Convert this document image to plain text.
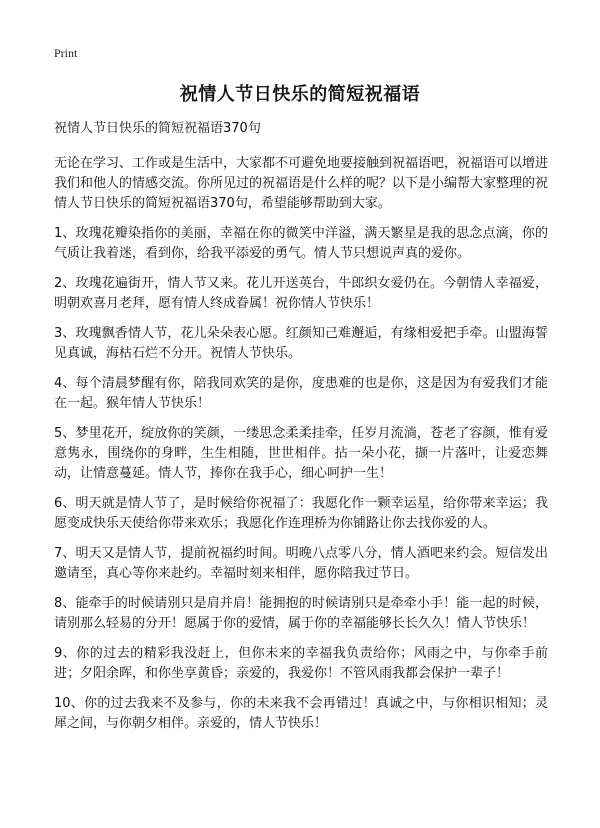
Print
祝情人节日快乐的简短祝福语

祝情人节日快乐的简短祝福语370句

无论在学习、工作或是生活中，大家都不可避免地要接触到祝福语吧，祝福语可以增进我们和他人的情感交流。你所见过的祝福语是什么样的呢？以下是小编帮大家整理的祝情人节日快乐的简短祝福语370句，希望能够帮助到大家。

1、玫瑰花瓣染指你的美丽，幸福在你的微笑中洋溢，满天繁星是我的思念点滴，你的气质让我着迷，看到你，给我平添爱的勇气。情人节只想说声真的爱你。

2、玫瑰花遍街开，情人节又来。花儿开送英台，牛郎织女爱仍在。今朝情人幸福爱，明朝欢喜月老拜，愿有情人终成眷属！祝你情人节快乐！

3、玫瑰飘香情人节，花儿朵朵表心愿。红颜知己难邂逅，有缘相爱把手牵。山盟海誓见真诚，海枯石烂不分开。祝情人节快乐。

4、每个清晨梦醒有你，陪我同欢笑的是你，度患难的也是你，这是因为有爱我们才能在一起。猴年情人节快乐！

5、梦里花开，绽放你的笑颜，一缕思念柔柔挂牵，任岁月流淌，苍老了容颜，惟有爱意隽永，围绕你的身畔，生生相随，世世相伴。拈一朵小花，撷一片落叶，让爱恋舞动，让情意蔓延。情人节，捧你在我手心，细心呵护一生！

6、明天就是情人节了，是时候给你祝福了：我愿化作一颗幸运星，给你带来幸运；我愿变成快乐天使给你带来欢乐；我愿化作连理桥为你铺路让你去找你爱的人。

7、明天又是情人节，提前祝福约时间。明晚八点零八分，情人酒吧来约会。短信发出邀请至，真心等你来赴约。幸福时刻来相伴，愿你陪我过节日。

8、能牵手的时候请别只是肩并肩！能拥抱的时候请别只是牵牵小手！能一起的时候，请别那么轻易的分开！愿属于你的爱情，属于你的幸福能够长长久久！情人节快乐！

9、你的过去的精彩我没赶上，但你未来的幸福我负责给你；风雨之中，与你牵手前进；夕阳余晖，和你坐享黄昏；亲爱的，我爱你！不管风雨我都会保护一辈子！

10、你的过去我来不及参与，你的未来我不会再错过！真诚之中，与你相识相知；灵犀之间，与你朝夕相伴。亲爱的，情人节快乐！
